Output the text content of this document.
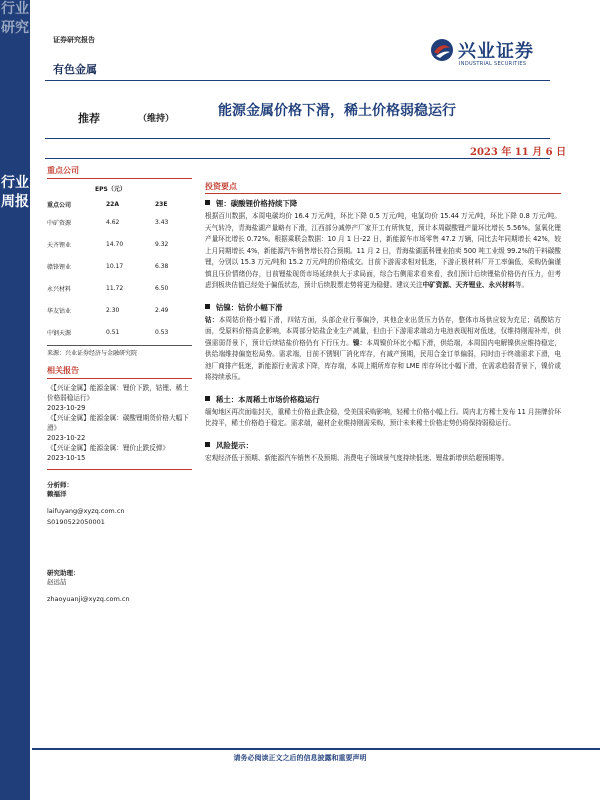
行业研究
行业周报
证券研究报告
有色金属
兴业证券
INDUSTRIAL SECURITIES
推荐	（维持）	能源金属价格下滑，稀土价格弱稳运行
2023 年 11 月 6 日
重点公司
EPS（元）
重点公司	22A	23E
中矿资源	4.62	3.43
天齐锂业	14.70	9.32
赣锋锂业	10.17	6.38
永兴材料	11.72	6.50
华友钴业	2.30	2.49
中钢天源	0.51	0.53
来源：兴业证券经济与金融研究院
相关报告
《【兴证金属】能源金属：锂价下跌，钴锂、稀土价格弱稳运行》
2023-10-29
《【兴证金属】能源金属：碳酸锂期货价格大幅下滑》
2023-10-22
《【兴证金属】能源金属：锂价止跌反弹》
2023-10-15
分析师：
赖福洋
laifuyang@xyzq.com.cn
S0190522050001
研究助理：
赵远喆
zhaoyuanji@xyzq.com.cn
投资要点
锂：碳酸锂价格持续下降

根据百川数据，本周电碳均价 16.4 万元/吨，环比下降 0.5 万元/吨，电氢均价 15.44 万元/吨，环比下降 0.8 万元/吨。天气转冷，青海盐湖产量略有下滑，江西部分减停产厂家开工有所恢复，预计本周碳酸锂产量环比增长 5.56%。氢氧化锂产量环比增长 0.72%。根据乘联会数据：10 月 1 日-22 日，新能源车市场零售 47.2 万辆，同比去年同期增长 42%，较上月同期增长 4%，新能源汽车销售增长符合预期。11 月 2 日，青海盐湖蓝科锂业拍卖 500 吨工业级 99.2%的干料碳酸锂，分别以 15.3 万元/吨和 15.2 万元/吨的价格成交。目前下游需求相对低迷，下游正极材料厂开工率偏低，采购仍偏谨慎且压价情绪仍存，目前锂盐现货市场延续供大于求局面，综合右侧需求看来看，我们预计后续锂盐价格仍有压力，但考虑到板块估值已经处于偏低状态，预计后续股票走势将更为稳健。建议关注中矿资源、天齐锂业、永兴材料等。

钴镍：钴价小幅下滑

钴：本周钴价格小幅下滑，四钴方面，头部企业行事偏冷，其他企业出货压力仍存，整体市场供应较为充足；硫酸钴方面，受原料价格高企影响，本周部分钴盐企业生产减量，但由于下游需求端动力电池表现相对低迷，仅维持刚需补库，供强需弱背景下，预计后续钴盐价格仍有下行压力。镍：本周镍价环比小幅下滑，供给端，本周国内电解镍供应维持稳定，供给端维持偏宽松局势。需求端，目前不锈钢厂消化库存，有减产预期，民用合金订单偏弱，同时由于终端需求下滑，电池厂商排产低迷，新能源行业需求下降，库存端，本周上期所库存和 LME 库存环比小幅下滑，在需求趋弱背景下，镍价或将持续承压。

稀土：本周稀土市场价格稳运行

缅甸地区再次面临封关，重稀土价格止跌企稳，受美国采购影响，轻稀土价格小幅上行。周内北方稀土发布 11 月挂牌价环比持平，稀土价格趋于稳定。需求端，磁材企业维持刚需采购，预计未来稀土价格走势仍将保持弱稳运行。

风险提示：

宏观经济低于预期、新能源汽车销售不及预期、消费电子领域景气度持续低迷、锂盐新增供给超预期等。

请务必阅读正文之后的信息披露和重要声明
